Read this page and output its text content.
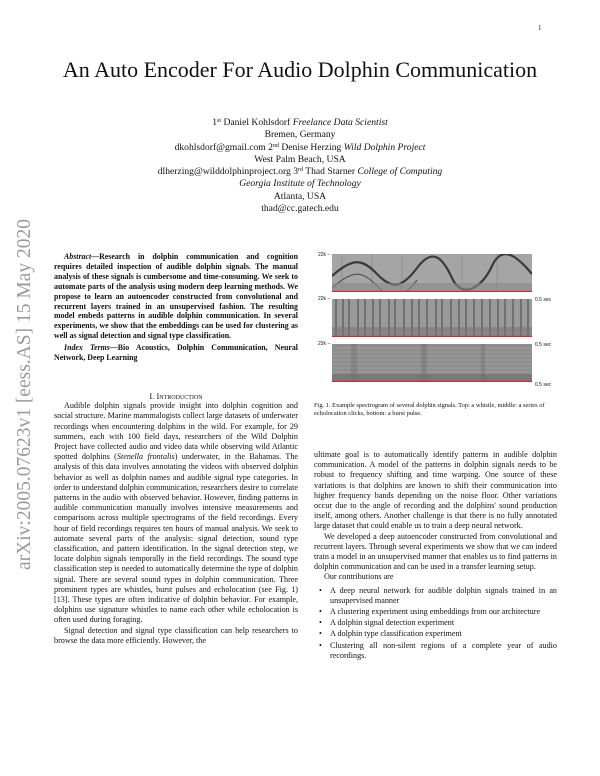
1
arXiv:2005.07623v1 [eess.AS] 15 May 2020
An Auto Encoder For Audio Dolphin Communication

1st Daniel Kohlsdorf Freelance Data Scientist

Bremen, Germany

dkohlsdorf@gmail.com 2nd Denise Herzing Wild Dolphin Project

West Palm Beach, USA

dlherzing@wilddolphinproject.org 3rd Thad Starner College of Computing

Georgia Institute of Technology

Atlanta, USA

thad@cc.gatech.edu

Abstract—Research in dolphin communication and cognition requires detailed inspection of audible dolphin signals. The manual analysis of these signals is cumbersome and time-consuming. We seek to automate parts of the analysis using modern deep learning methods. We propose to learn an autoencoder constructed from convolutional and recurrent layers trained in an unsupervised fashion. The resulting model embeds patterns in audible dolphin communication. In several experiments, we show that the embeddings can be used for clustering as well as signal detection and signal type classification.

Index Terms—Bio Acoustics, Dolphin Communication, Neural Network, Deep Learning

I. Introduction

Audible dolphin signals provide insight into dolphin cognition and social structure. Marine mammalogists collect large datasets of underwater recordings when encountering dolphins in the wild. For example, for 29 summers, each with 100 field days, researchers of the Wild Dolphin Project have collected audio and video data while observing wild Atlantic spotted dolphins (Stenella frontalis) underwater, in the Bahamas. The analysis of this data involves annotating the videos with observed dolphin behavior as well as dolphin names and audible signal type categories. In order to understand dolphin communication, researchers desire to correlate patterns in the audio with observed behavior. However, finding patterns in audible communication manually involves intensive measurements and comparisons across multiple spectrograms of the field recordings. Every hour of field recordings requires ten hours of manual analysis. We seek to automate several parts of the analysis: signal detection, sound type classification, and pattern identification. In the signal detection step, we locate dolphin signals temporally in the field recordings. The sound type classification step is needed to automatically determine the type of dolphin signal. There are several sound types in dolphin communication. Three prominent types are whistles, burst pulses and echolocation (see Fig. 1) [13]. These types are often indicative of dolphin behavior. For example, dolphins use signature whistles to name each other while echolocation is often used during foraging.

Signal detection and signal type classification can help researchers to browse the data more efficiently. However, the

22k –
0.5 sec
22k –
0.5 sec
22k –
0.5 sec
Fig. 1. Example spectrogram of several dolphin signals. Top: a whistle, middle: a series of echolocation clicks, bottom: a burst pulse.

ultimate goal is to automatically identify patterns in audible dolphin communication. A model of the patterns in dolphin signals needs to be robust to frequency shifting and time warping. One source of these variations is that dolphins are known to shift their communication into higher frequency bands depending on the noise floor. Other variations occur due to the angle of recording and the dolphins' sound production itself, among others. Another challenge is that there is no fully annotated large dataset that could enable us to train a deep neural network.

We developed a deep autoencoder constructed from convolutional and recurrent layers. Through several experiments we show that we can indeed train a model in an unsupervised manner that enables us to find patterns in dolphin communication and can be used in a transfer learning setup.

Our contributions are

• A deep neural network for audible dolphin signals trained in an unsupervised manner
• A clustering experiment using embeddings from our architecture
• A dolphin signal detection experiment
• A dolphin type classification experiment
• Clustering all non-silent regions of a complete year of audio recordings.
